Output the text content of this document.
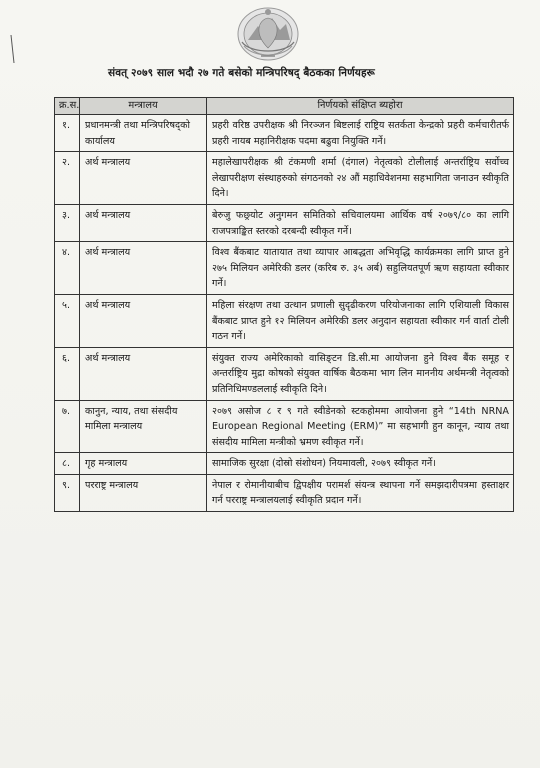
संवत् २०७९ साल भदौ २७ गते बसेको मन्त्रिपरिषद् बैठकका निर्णयहरू
क्र.स.	मन्त्रालय	निर्णयको संक्षिप्त ब्यहोरा
१.	प्रधानमन्त्री तथा मन्त्रिपरिषद्को कार्यालय	प्रहरी वरिष्ठ उपरीक्षक श्री निरञ्जन बिष्टलाई राष्ट्रिय सतर्कता केन्द्रको प्रहरी कर्मचारीतर्फ प्रहरी नायब महानिरीक्षक पदमा बढुवा नियुक्ति गर्ने।
२.	अर्थ मन्त्रालय	महालेखापरीक्षक श्री टंकमणी शर्मा (दंगाल) नेतृत्वको टोलीलाई अन्तर्राष्ट्रिय सर्वोच्च लेखापरीक्षण संस्थाहरुको संगठनको २४ औं महाधिवेशनमा सहभागिता जनाउन स्वीकृति दिने।
३.	अर्थ मन्त्रालय	बेरुजु फछ्र्योट अनुगमन समितिको सचिवालयमा आर्थिक वर्ष २०७९/८० का लागि राजपत्राङ्कित स्तरको दरबन्दी स्वीकृत गर्ने।
४.	अर्थ मन्त्रालय	विश्व बैंकबाट यातायात तथा व्यापार आबद्धता अभिवृद्धि कार्यक्रमका लागि प्राप्त हुने २७५ मिलियन अमेरिकी डलर (करिब रु. ३५ अर्ब) सहुलियतपूर्ण ऋण सहायता स्वीकार गर्ने।
५.	अर्थ मन्त्रालय	महिला संरक्षण तथा उत्थान प्रणाली सुदृढीकरण परियोजनाका लागि एशियाली विकास बैंकबाट प्राप्त हुने १२ मिलियन अमेरिकी डलर अनुदान सहायता स्वीकार गर्न वार्ता टोली गठन गर्ने।
६.	अर्थ मन्त्रालय	संयुक्त राज्य अमेरिकाको वासिङ्टन डि.सी.मा आयोजना हुने विश्व बैंक समूह र अन्तर्राष्ट्रिय मुद्रा कोषको संयुक्त वार्षिक बैठकमा भाग लिन माननीय अर्थमन्त्री नेतृत्वको प्रतिनिधिमण्डललाई स्वीकृति दिने।
७.	कानुन, न्याय, तथा संसदीय मामिला मन्त्रालय	२०७९ असोज ८ र ९ गते स्वीडेनको स्टकहोममा आयोजना हुने “14th NRNA European Regional Meeting (ERM)” मा सहभागी हुन कानून, न्याय तथा संसदीय मामिला मन्त्रीको भ्रमण स्वीकृत गर्ने।
८.	गृह मन्त्रालय	सामाजिक सुरक्षा (दोस्रो संशोधन) नियमावली, २०७९ स्वीकृत गर्ने।
९.	परराष्ट्र मन्त्रालय	नेपाल र रोमानीयाबीच द्विपक्षीय परामर्श संयन्त्र स्थापना गर्ने समझदारीपत्रमा हस्ताक्षर गर्न परराष्ट्र मन्त्रालयलाई स्वीकृति प्रदान गर्ने।
